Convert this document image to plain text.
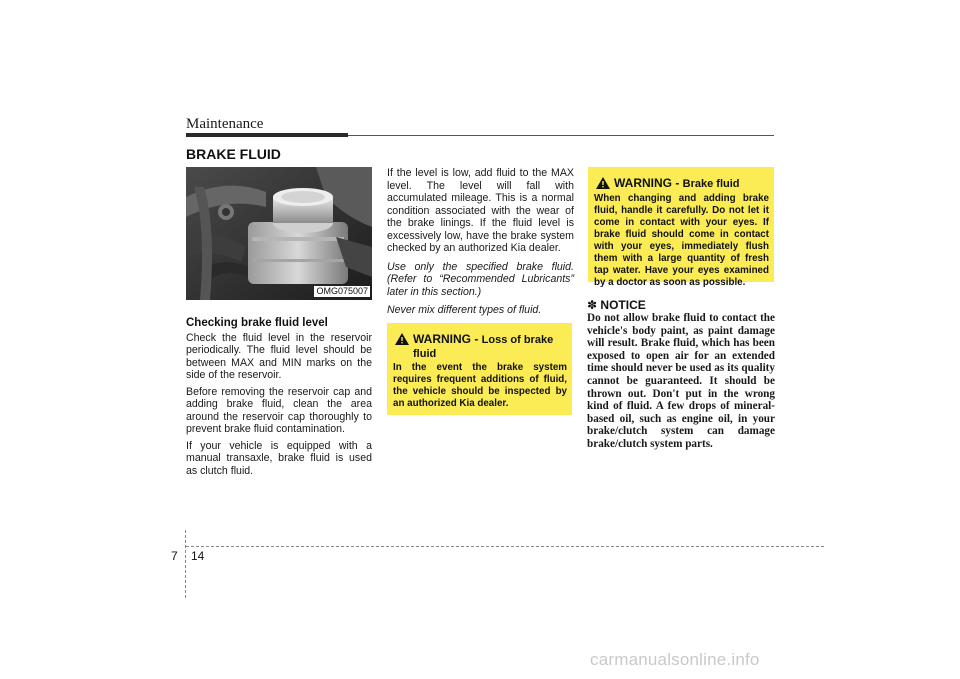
Maintenance
BRAKE FLUID
OMG075007
Checking brake fluid level

Check the fluid level in the reservoir periodically. The fluid level should be between MAX and MIN marks on the side of the reservoir.

Before removing the reservoir cap and adding brake fluid, clean the area around the reservoir cap thoroughly to prevent brake fluid contamination.

If your vehicle is equipped with a manual transaxle, brake fluid is used as clutch fluid.

If the level is low, add fluid to the MAX level. The level will fall with accumulated mileage. This is a normal condition associated with the wear of the brake linings. If the fluid level is excessively low, have the brake system checked by an authorized Kia dealer.

Use only the specified brake fluid. (Refer to “Recommended Lubricants” later in this section.)

Never mix different types of fluid.

WARNING - Loss of brake fluid
In the event the brake system requires frequent additions of fluid, the vehicle should be inspected by an authorized Kia dealer.
WARNING - Brake fluid
When changing and adding brake fluid, handle it carefully. Do not let it come in contact with your eyes. If brake fluid should come in contact with your eyes, immediately flush them with a large quantity of fresh tap water. Have your eyes examined by a doctor as soon as possible.
✽ NOTICE
Do not allow brake fluid to contact the vehicle's body paint, as paint damage will result. Brake fluid, which has been exposed to open air for an extended time should never be used as its quality cannot be guaranteed. It should be thrown out. Don't put in the wrong kind of fluid. A few drops of mineral-based oil, such as engine oil, in your brake/clutch system can damage brake/clutch system parts.
7 14
carmanualsonline.info
